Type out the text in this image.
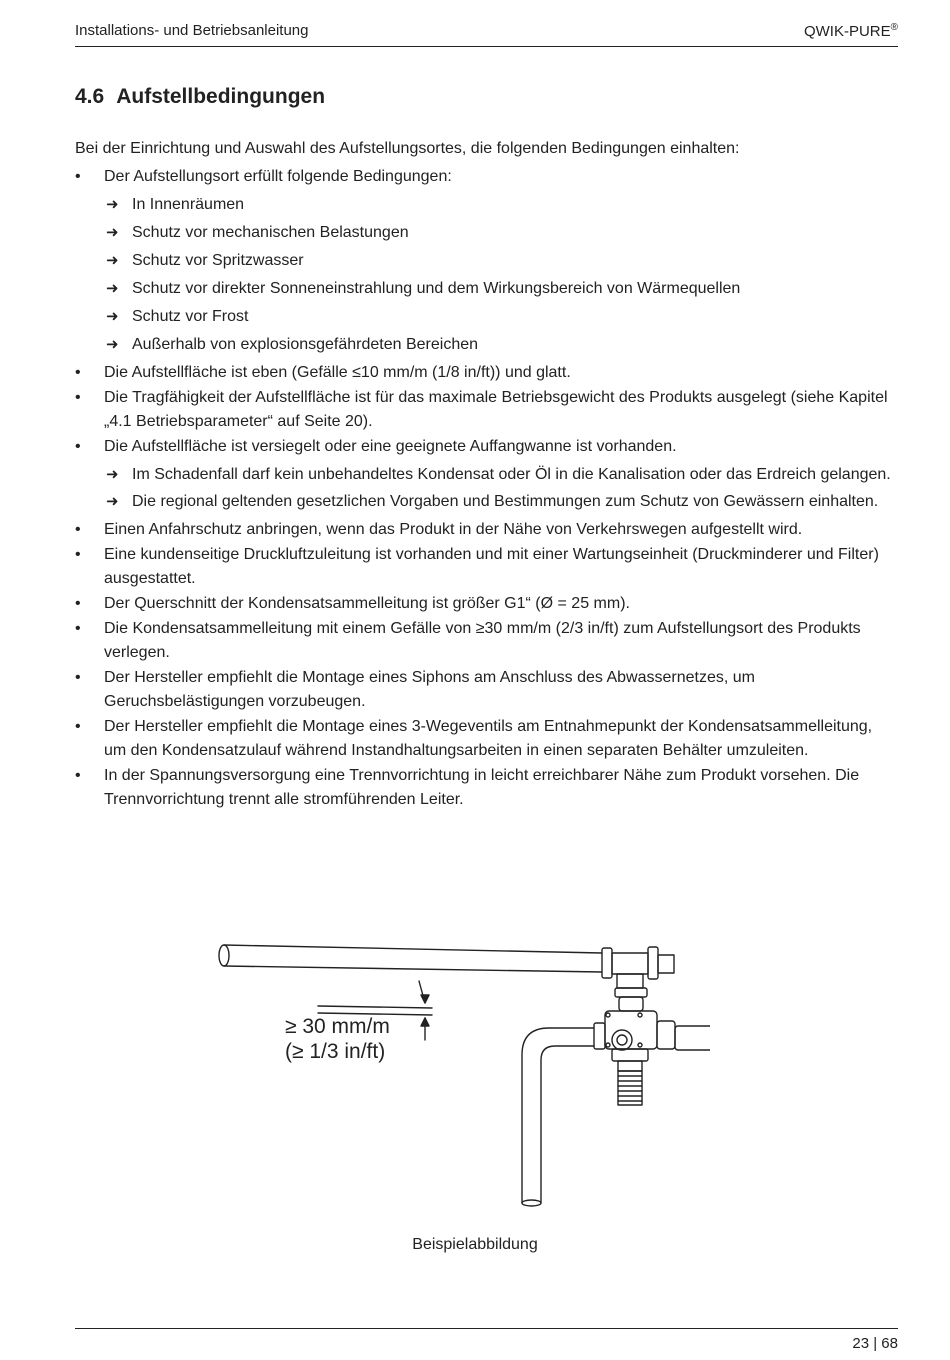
Installations- und Betriebsanleitung	QWIK-PURE®
4.6 Aufstellbedingungen

Bei der Einrichtung und Auswahl des Aufstellungsortes, die folgenden Bedingungen einhalten:

• Der Aufstellungsort erfüllt folgende Bedingungen:
➜ In Innenräumen
➜ Schutz vor mechanischen Belastungen
➜ Schutz vor Spritzwasser
➜ Schutz vor direkter Sonneneinstrahlung und dem Wirkungsbereich von Wärmequellen
➜ Schutz vor Frost
➜ Außerhalb von explosionsgefährdeten Bereichen
• Die Aufstellfläche ist eben (Gefälle ≤10 mm/m (1/8 in/ft)) und glatt.
• Die Tragfähigkeit der Aufstellfläche ist für das maximale Betriebsgewicht des Produkts ausgelegt (siehe Kapitel „4.1 Betriebsparameter“ auf Seite 20).
• Die Aufstellfläche ist versiegelt oder eine geeignete Auffangwanne ist vorhanden.
➜ Im Schadenfall darf kein unbehandeltes Kondensat oder Öl in die Kanalisation oder das Erdreich gelangen.
➜ Die regional geltenden gesetzlichen Vorgaben und Bestimmungen zum Schutz von Gewässern einhalten.
• Einen Anfahrschutz anbringen, wenn das Produkt in der Nähe von Verkehrswegen aufgestellt wird.
• Eine kundenseitige Druckluftzuleitung ist vorhanden und mit einer Wartungseinheit (Druckminderer und Filter) ausgestattet.
• Der Querschnitt der Kondensatsammelleitung ist größer G1“ (Ø = 25 mm).
• Die Kondensatsammelleitung mit einem Gefälle von ≥30 mm/m (2/3 in/ft) zum Aufstellungsort des Produkts verlegen.
• Der Hersteller empfiehlt die Montage eines Siphons am Anschluss des Abwassernetzes, um Geruchsbelästigungen vorzubeugen.
• Der Hersteller empfiehlt die Montage eines 3-Wegeventils am Entnahmepunkt der Kondensatsammelleitung, um den Kondensatzulauf während Instandhaltungsarbeiten in einen separaten Behälter umzuleiten.
• In der Spannungsversorgung eine Trennvorrichtung in leicht erreichbarer Nähe zum Produkt vorsehen. Die Trennvorrichtung trennt alle stromführenden Leiter.
≥ 30 mm/m
(≥ 1/3 in/ft)
Beispielabbildung
23 | 68
